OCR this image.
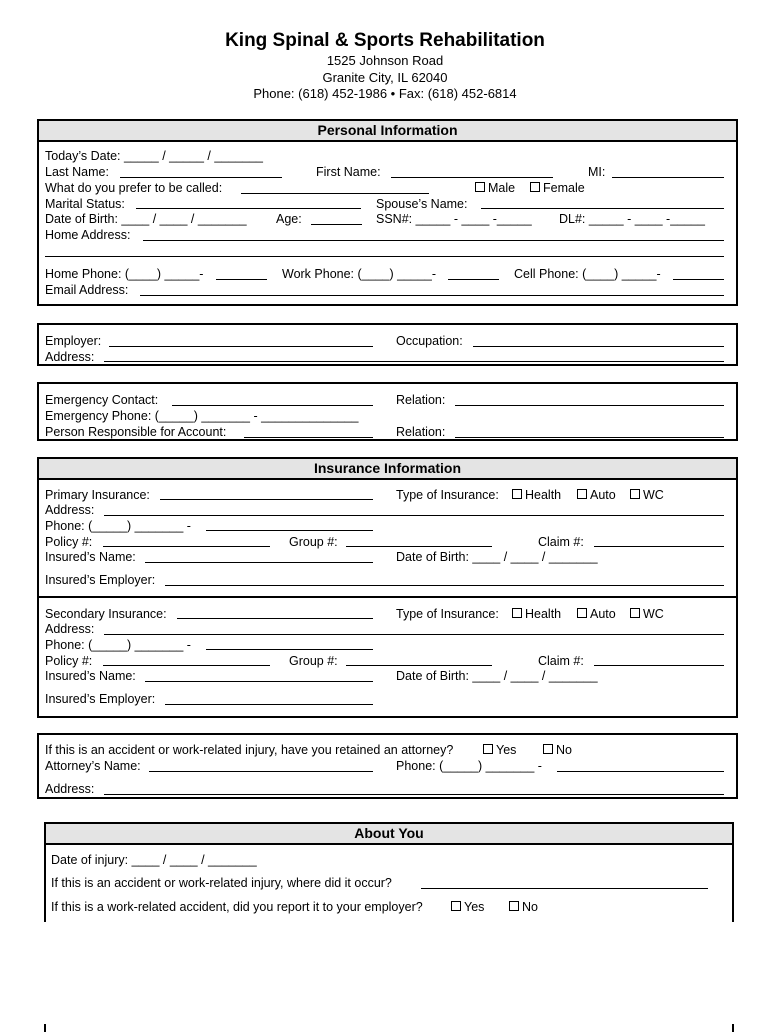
King Spinal & Sports Rehabilitation
1525 Johnson Road
Granite City, IL 62040
Phone: (618) 452-1986 • Fax: (618) 452-6814
Personal Information
Today’s Date: _____ / _____ / _______
Last Name:	First Name:	MI:
What do you prefer to be called:	Male	Female
Marital Status:	Spouse’s Name:
Date of Birth: ____ / ____ / _______ Age:	SSN#: _____ - ____ -_____ DL#: _____ - ____ -_____
Home Address:
Home Phone: (____) _____-	Work Phone: (____) _____-	Cell Phone: (____) _____-
Email Address:
Employer:	Occupation:
Address:
Emergency Contact:	Relation:
Emergency Phone: (_____) _______ - ______________
Person Responsible for Account:	Relation:
Insurance Information
Primary Insurance:	Type of Insurance:	Health	Auto	WC
Address:
Phone: (_____) _______ -
Policy #:	Group #:	Claim #:
Insured’s Name:	Date of Birth: ____ / ____ / _______
Insured’s Employer:
Secondary Insurance:	Type of Insurance:	Health	Auto	WC
Address:
Phone: (_____) _______ -
Policy #:	Group #:	Claim #:
Insured’s Name:	Date of Birth: ____ / ____ / _______
Insured’s Employer:
If this is an accident or work-related injury, have you retained an attorney?	Yes	No
Attorney’s Name:	Phone: (_____) _______ -
Address:
About You
Date of injury: ____ / ____ / _______
If this is an accident or work-related injury, where did it occur?
If this is a work-related accident, did you report it to your employer?	Yes	No
